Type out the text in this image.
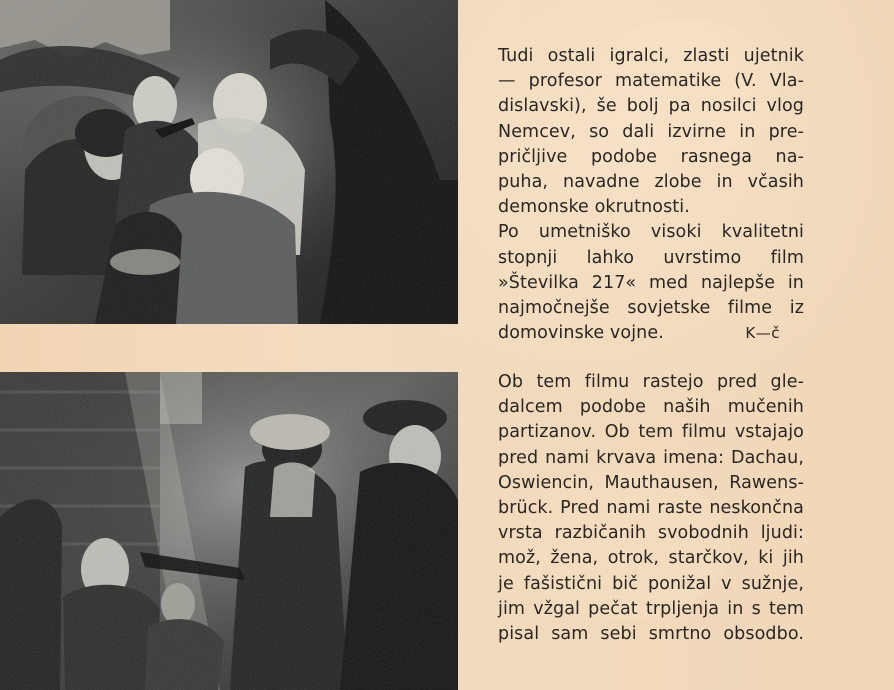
Tudi ostali igralci, zlasti ujetnik
— profesor matematike (V. Vla-
dislavski), še bolj pa nosilci vlog
Nemcev, so dali izvirne in pre-
pričljive podobe rasnega na-
puha, navadne zlobe in včasih
demonske okrutnosti.
Po umetniško visoki kvalitetni
stopnji lahko uvrstimo film
»Številka 217« med najlepše in
najmočnejše sovjetske filme iz
domovinske vojne.	K—č

Ob tem filmu rastejo pred gle-
dalcem podobe naših mučenih
partizanov. Ob tem filmu vstajajo
pred nami krvava imena: Dachau,
Oswiencin, Mauthausen, Rawens-
brück. Pred nami raste neskončna
vrsta razbičanih svobodnih ljudi:
mož, žena, otrok, starčkov, ki jih
je fašistični bič ponižal v sužnje,
jim vžgal pečat trpljenja in s tem
pisal sam sebi smrtno obsodbo.
